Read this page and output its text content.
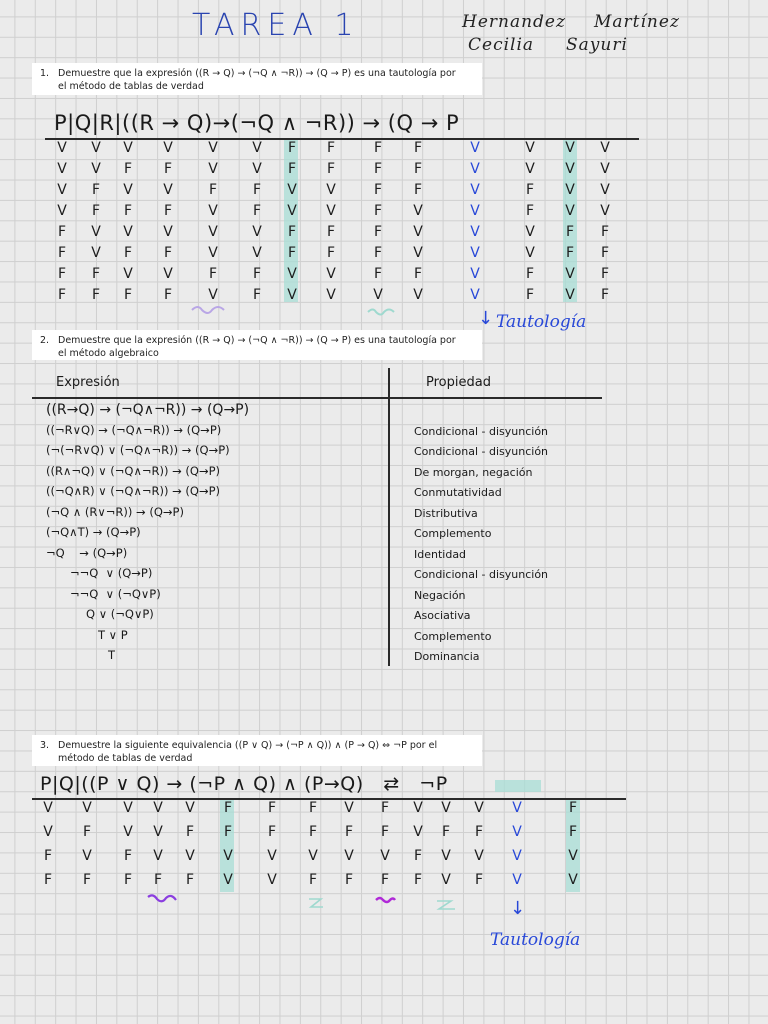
TAREA 1	Hernandez Martínez
Cecilia Sayuri
1. Demuestre que la expresión ((R → Q) → (¬Q ∧ ¬R)) → (Q → P) es una tautología por
el método de tablas de verdad
P|Q|R|((R → Q)→(¬Q ∧ ¬R)) → (Q → P
V	V	V	V	V	V	F	F	F	F	V	V	V	V
V	V	F	F	V	V	F	F	F	F	V	V	V	V
V	F	V	V	F	F	V	V	F	F	V	F	V	V
V	F	F	F	V	F	V	V	F	V	V	F	V	V
F	V	V	V	V	V	F	F	F	V	V	V	F	F
F	V	F	F	V	V	F	F	F	V	V	V	F	F
F	F	V	V	F	F	V	V	F	F	V	F	V	F
F	F	F	F	V	F	V	V	V	V	V	F	V	F
↓ Tautología
2. Demuestre que la expresión ((R → Q) → (¬Q ∧ ¬R)) → (Q → P) es una tautología por
el método algebraico
Expresión	Propiedad
((R→Q) → (¬Q∧¬R)) → (Q→P)
((¬R∨Q) → (¬Q∧¬R)) → (Q→P)	Condicional - disyunción
(¬(¬R∨Q) ∨ (¬Q∧¬R)) → (Q→P)	Condicional - disyunción
((R∧¬Q) ∨ (¬Q∧¬R)) → (Q→P)	De morgan, negación
((¬Q∧R) ∨ (¬Q∧¬R)) → (Q→P)	Conmutatividad
(¬Q ∧ (R∨¬R)) → (Q→P)	Distributiva
(¬Q∧T) → (Q→P)	Complemento
¬Q    → (Q→P)	Identidad
¬¬Q  ∨ (Q→P)	Condicional - disyunción
¬¬Q  ∨ (¬Q∨P)	Negación
Q ∨ (¬Q∨P)	Asociativa
T ∨ P	Complemento
T	Dominancia
3. Demuestre la siguiente equivalencia ((P ∨ Q) → (¬P ∧ Q)) ∧ (P → Q) ⇔ ¬P por el
método de tablas de verdad
P|Q|((P ∨ Q) → (¬P ∧ Q) ∧ (P→Q)   ⇄   ¬P
V	V	V	V	V	F	F	F	V	F	V	V	V	V	F
V	F	V	V	F	F	F	F	F	F	V	F	F	V	F
F	V	F	V	V	V	V	V	V	V	F	V	V	V	V
F	F	F	F	F	V	V	F	F	F	F	V	F	V	V
↓
Tautología
